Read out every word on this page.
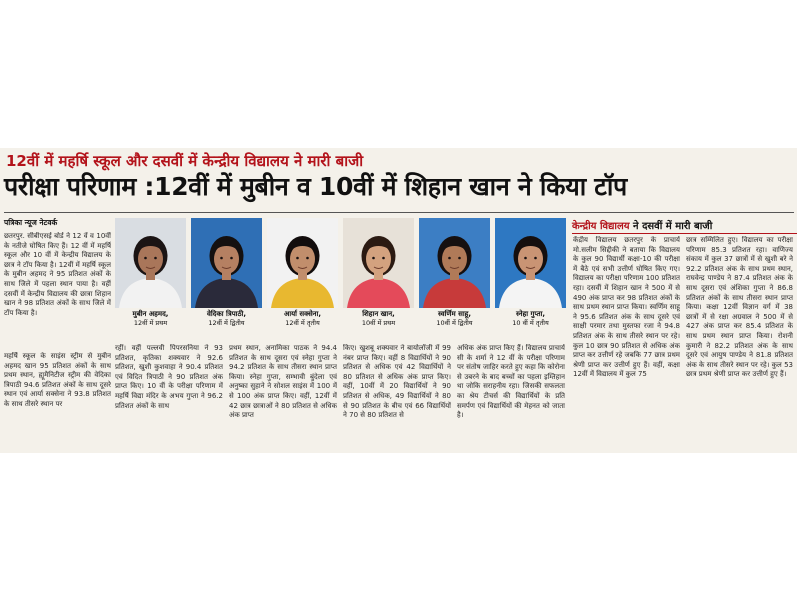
12वीं में महर्षि स्कूल और दसवीं में केन्द्रीय विद्यालय ने मारी बाजी
परीक्षा परिणाम :12वीं में मुबीन व 10वीं में शिहान खान ने किया टॉप
पत्रिका न्यूज नेटवर्क

छतरपुर. सीबीएसई बोर्ड ने 12 वें व 10वीं के नतीजे घोषित किए हैं। 12 वीं में महर्षि स्कूल और 10 वीं में केन्द्रीय विद्यालय के छात्र ने टॉप किया है। 12वीं में महर्षि स्कूल के मुबीन अहमद ने 95 प्रतिशत अंकों के साथ जिले में पहला स्थान पाया है। वहीं दसवीं में केन्द्रीय विद्यालय की छात्रा शिहान खान ने 98 प्रतिशत अंकों के साथ जिले में टॉप किया है।

महर्षि स्कूल के साइंस स्ट्रीम से मुबीन अहमद खान 95 प्रतिशत अंकों के साथ प्रथम स्थान, ह्यूमैनिटीज स्ट्रीम की वेदिका त्रिपाठी 94.6 प्रतिशत अंकों के साथ दूसरे स्थान एवं आर्या सक्सेना ने 93.8 प्रतिशत के साथ तीसरे स्थान पर

मुबीन अहमद,
12वीं में प्रथम
वेदिका त्रिपाठी,
12वीं में द्वितीय
आर्या सक्सेना,
12वीं में तृतीय
शिहान खान,
10वीं में प्रथम
स्वर्णिम साहू,
10वीं में द्वितीय
स्नेहा गुप्ता,
10 वीं में तृतीय

रहीं। वहीं पल्लवी पिपरसनिया ने 93 प्रतिशत, कृतिका शक्यवार ने 92.6 प्रतिशत, खुशी कुशवाहा ने 90.4 प्रतिशत एवं विदित त्रिपाठी ने 90 प्रतिशत अंक प्राप्त किए। 10 वीं के परीक्षा परिणाम में महर्षि विद्या मंदिर के अभय गुप्ता ने 96.2 प्रतिशत अंकों के साथ

प्रथम स्थान, अनामिका पाठक ने 94.4 प्रतिशत के साथ दूसरा एवं स्नेहा गुप्ता ने 94.2 प्रतिशत के साथ तीसरा स्थान प्राप्त किया। स्नेहा गुप्ता, सम्भावी बुंदेला एवं अनुष्का सुहाने ने सोशल साइंस में 100 में से 100 अंक प्राप्त किए। वहीं, 12वीं में 42 छात्र छात्राओं ने 80 प्रतिशत से अधिक अंक प्राप्त

किए। खुशबू शक्यवार ने बायोलॉजी में 99 नंबर प्राप्त किए। वहीं 8 विद्यार्थियों ने 90 प्रतिशत से अधिक एवं 42 विद्यार्थियों ने 80 प्रतिशत से अधिक अंक प्राप्त किए। वहीं, 10वीं में 20 विद्यार्थियों ने 90 प्रतिशत से अधिक, 49 विद्यार्थियों ने 80 से 90 प्रतिशत के बीच एवं 66 विद्यार्थियों ने 70 से 80 प्रतिशत से

अधिक अंक प्राप्त किए हैं। विद्यालय प्राचार्य सी के शर्मा ने 12 वीं के परीक्षा परिणाम पर संतोष जाहिर करते हुए कहा कि कोरोना से उबरने के बाद बच्चों का पहला इम्तिहान था जोकि सराहनीय रहा। जिसकी सफलता का श्रेय टीचर्स की विद्यार्थियों के प्रति समर्पण एवं विद्यार्थियों की मेहनत को जाता है।

केन्द्रीय विद्यालय ने दसवीं में मारी बाजी

केंद्रीय विद्यालय छतरपुर के प्राचार्य मो.सलीम सिद्दीकी ने बताया कि विद्यालय के कुल 90 विद्यार्थी कक्षा-10 की परीक्षा में बैठे एवं सभी उत्तीर्ण घोषित किए गए। विद्यालय का परीक्षा परिणाम 100 प्रतिशत रहा। दसवीं में शिहान खान ने 500 में से 490 अंक प्राप्त कर 98 प्रतिशत अंकों के साथ प्रथम स्थान प्राप्त किया। स्वर्णिम साहू ने 95.6 प्रतिशत अंक के साथ दूसरे एवं साक्षी परमार तथा मुस्तफा रजा ने 94.8 प्रतिशत अंक के साथ तीसरे स्थान पर रहे। कुल 10 छात्र 90 प्रतिशत से अधिक अंक प्राप्त कर उत्तीर्ण रहे जबकि 77 छात्र प्रथम श्रेणी प्राप्त कर उत्तीर्ण हुए हैं। वहीं, कक्षा 12वीं में विद्यालय में कुल 75

छात्र सम्मिलित हुए। विद्यालय का परीक्षा परिणाम 85.3 प्रतिशत रहा। वाणिज्य संकाय में कुल 37 छात्रों में से खुशी बरे ने 92.2 प्रतिशत अंक के साथ प्रथम स्थान, राघवेन्द्र पाण्डेय ने 87.4 प्रतिशत अंक के साथ दूसरा एवं अंशिका गुप्ता ने 86.8 प्रतिशत अंकों के साथ तीसरा स्थान प्राप्त किया। कक्षा 12वीं विज्ञान वर्ग में 38 छात्रों में से रक्षा अग्रवाल ने 500 में से 427 अंक प्राप्त कर 85.4 प्रतिशत के साथ प्रथम स्थान प्राप्त किया। रोशनी कुमारी ने 82.2 प्रतिशत अंक के साथ दूसरे एवं आयुष पाण्डेय ने 81.8 प्रतिशत अंक के साथ तीसरे स्थान पर रहे। कुल 53 छात्र प्रथम श्रेणी प्राप्त कर उत्तीर्ण हुए हैं।
